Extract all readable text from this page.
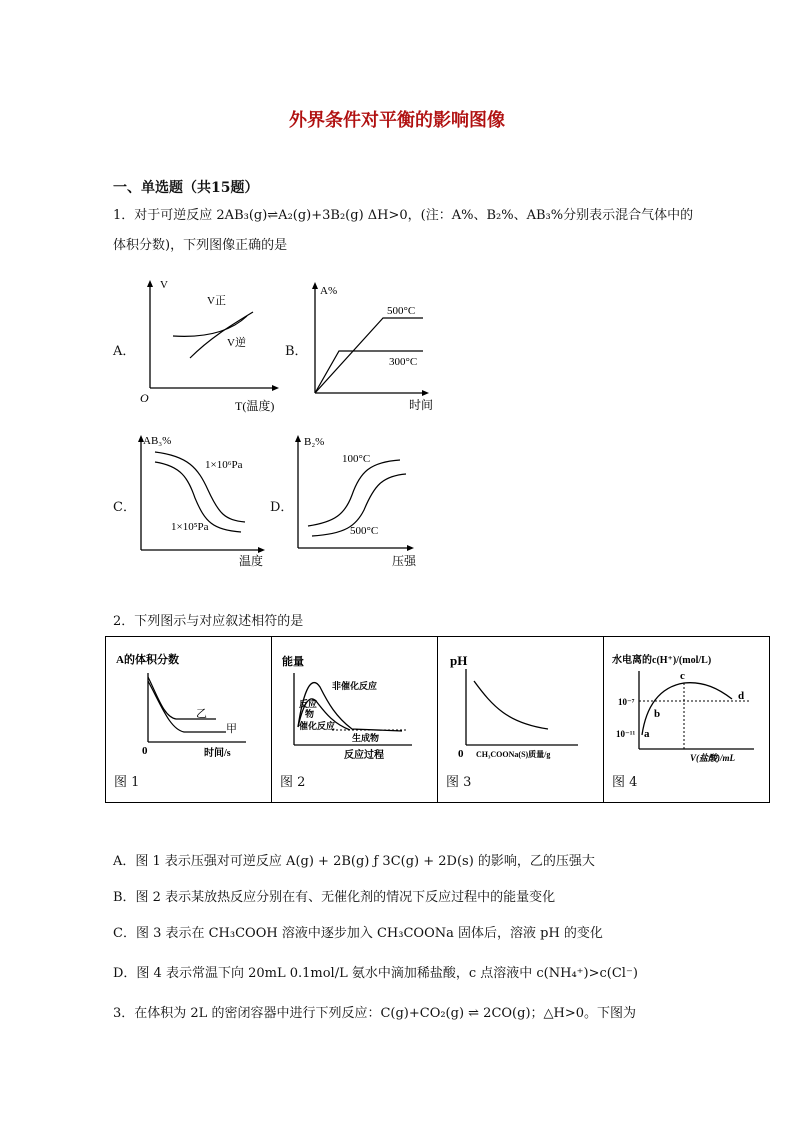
外界条件对平衡的影响图像
一、单选题（共15题）
1．对于可逆反应 2AB₃(g)⇌A₂(g)+3B₂(g) ΔH>0，(注：A%、B₂%、AB₃%分别表示混合气体中的
体积分数)，下列图像正确的是
A．	B．
C．	D．
V
V正
V逆
O
T(温度)
A%
500°C
300°C
时间
AB₃%
1×10⁶Pa
1×10⁵Pa
温度
B₂%
100°C
500°C
压强
2．下列图示与对应叙述相符的是
A的体积分数
乙
甲
0	时间/s
图 1
能量
非催化反应
反应
物
催化反应
生成物
反应过程
图 2
pH
0 CH₃COONa(S)质量/g
图 3
水电离的c(H⁺)/(mol/L)
10⁻⁷
10⁻¹¹ a
b
c
d
V(盐酸)/mL
图 4
A．图 1 表示压强对可逆反应 A(g) + 2B(g) ƒ 3C(g) + 2D(s) 的影响，乙的压强大
B．图 2 表示某放热反应分别在有、无催化剂的情况下反应过程中的能量变化
C．图 3 表示在 CH₃COOH 溶液中逐步加入 CH₃COONa 固体后，溶液 pH 的变化
D．图 4 表示常温下向 20mL 0.1mol/L 氨水中滴加稀盐酸，c 点溶液中 c(NH₄⁺)>c(Cl⁻)
3．在体积为 2L 的密闭容器中进行下列反应：C(g)+CO₂(g) ⇌ 2CO(g)；△H>0。下图为
